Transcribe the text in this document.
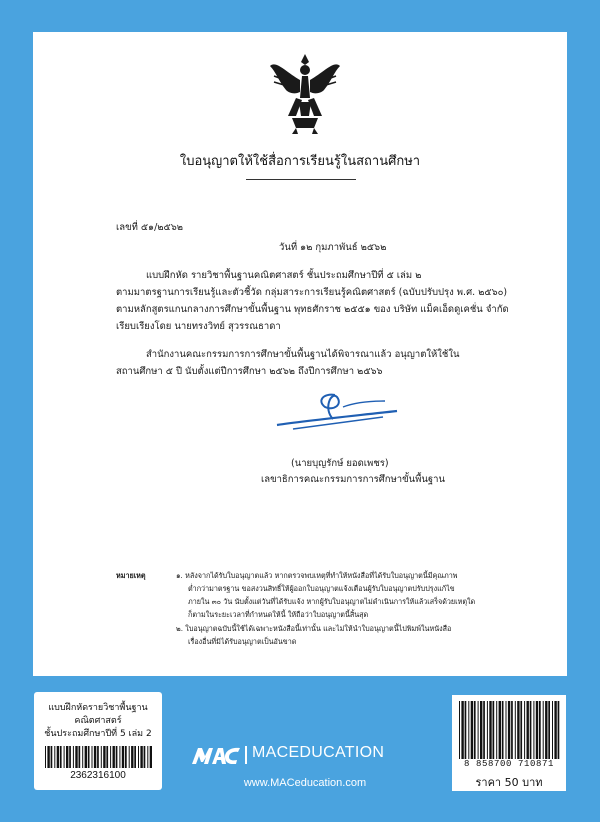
ใบอนุญาตให้ใช้สื่อการเรียนรู้ในสถานศึกษา
เลขที่ ๕๑/๒๕๖๒
วันที่ ๑๒ กุมภาพันธ์ ๒๕๖๒
แบบฝึกหัด รายวิชาพื้นฐานคณิตศาสตร์ ชั้นประถมศึกษาปีที่ ๕ เล่ม ๒
ตามมาตรฐานการเรียนรู้และตัวชี้วัด กลุ่มสาระการเรียนรู้คณิตศาสตร์ (ฉบับปรับปรุง พ.ศ. ๒๕๖๐)
ตามหลักสูตรแกนกลางการศึกษาขั้นพื้นฐาน พุทธศักราช ๒๕๕๑ ของ บริษัท แม็คเอ็ดดูเคชั่น จำกัด
เรียบเรียงโดย นายทรงวิทย์ สุวรรณธาดา
สำนักงานคณะกรรมการการศึกษาขั้นพื้นฐานได้พิจารณาแล้ว อนุญาตให้ใช้ใน
สถานศึกษา ๕ ปี นับตั้งแต่ปีการศึกษา ๒๕๖๒ ถึงปีการศึกษา ๒๕๖๖
(นายบุญรักษ์ ยอดเพชร)
เลขาธิการคณะกรรมการการศึกษาขั้นพื้นฐาน
หมายเหตุ	๑. หลังจากได้รับใบอนุญาตแล้ว หากตรวจพบเหตุที่ทำให้หนังสือที่ได้รับใบอนุญาตนี้มีคุณภาพ
ต่ำกว่ามาตรฐาน ขอสงวนสิทธิ์ให้ผู้ออกใบอนุญาตแจ้งเตือนผู้รับใบอนุญาตปรับปรุงแก้ไข
ภายใน ๓๐ วัน นับตั้งแต่วันที่ได้รับแจ้ง หากผู้รับใบอนุญาตไม่ดำเนินการให้แล้วเสร็จด้วยเหตุใด
ก็ตามในระยะเวลาที่กำหนดให้นี้ ให้ถือว่าใบอนุญาตนี้สิ้นสุด
๒. ใบอนุญาตฉบับนี้ใช้ได้เฉพาะหนังสือนี้เท่านั้น และไม่ให้นำใบอนุญาตนี้ไปพิมพ์ในหนังสือ
เรื่องอื่นที่มิได้รับอนุญาตเป็นอันขาด
แบบฝึกหัดรายวิชาพื้นฐาน
คณิตศาสตร์
ชั้นประถมศึกษาปีที่ 5 เล่ม 2
2362316100
MACEDUCATION
www.MACeducation.com
8 858700 710871
ราคา 50 บาท
